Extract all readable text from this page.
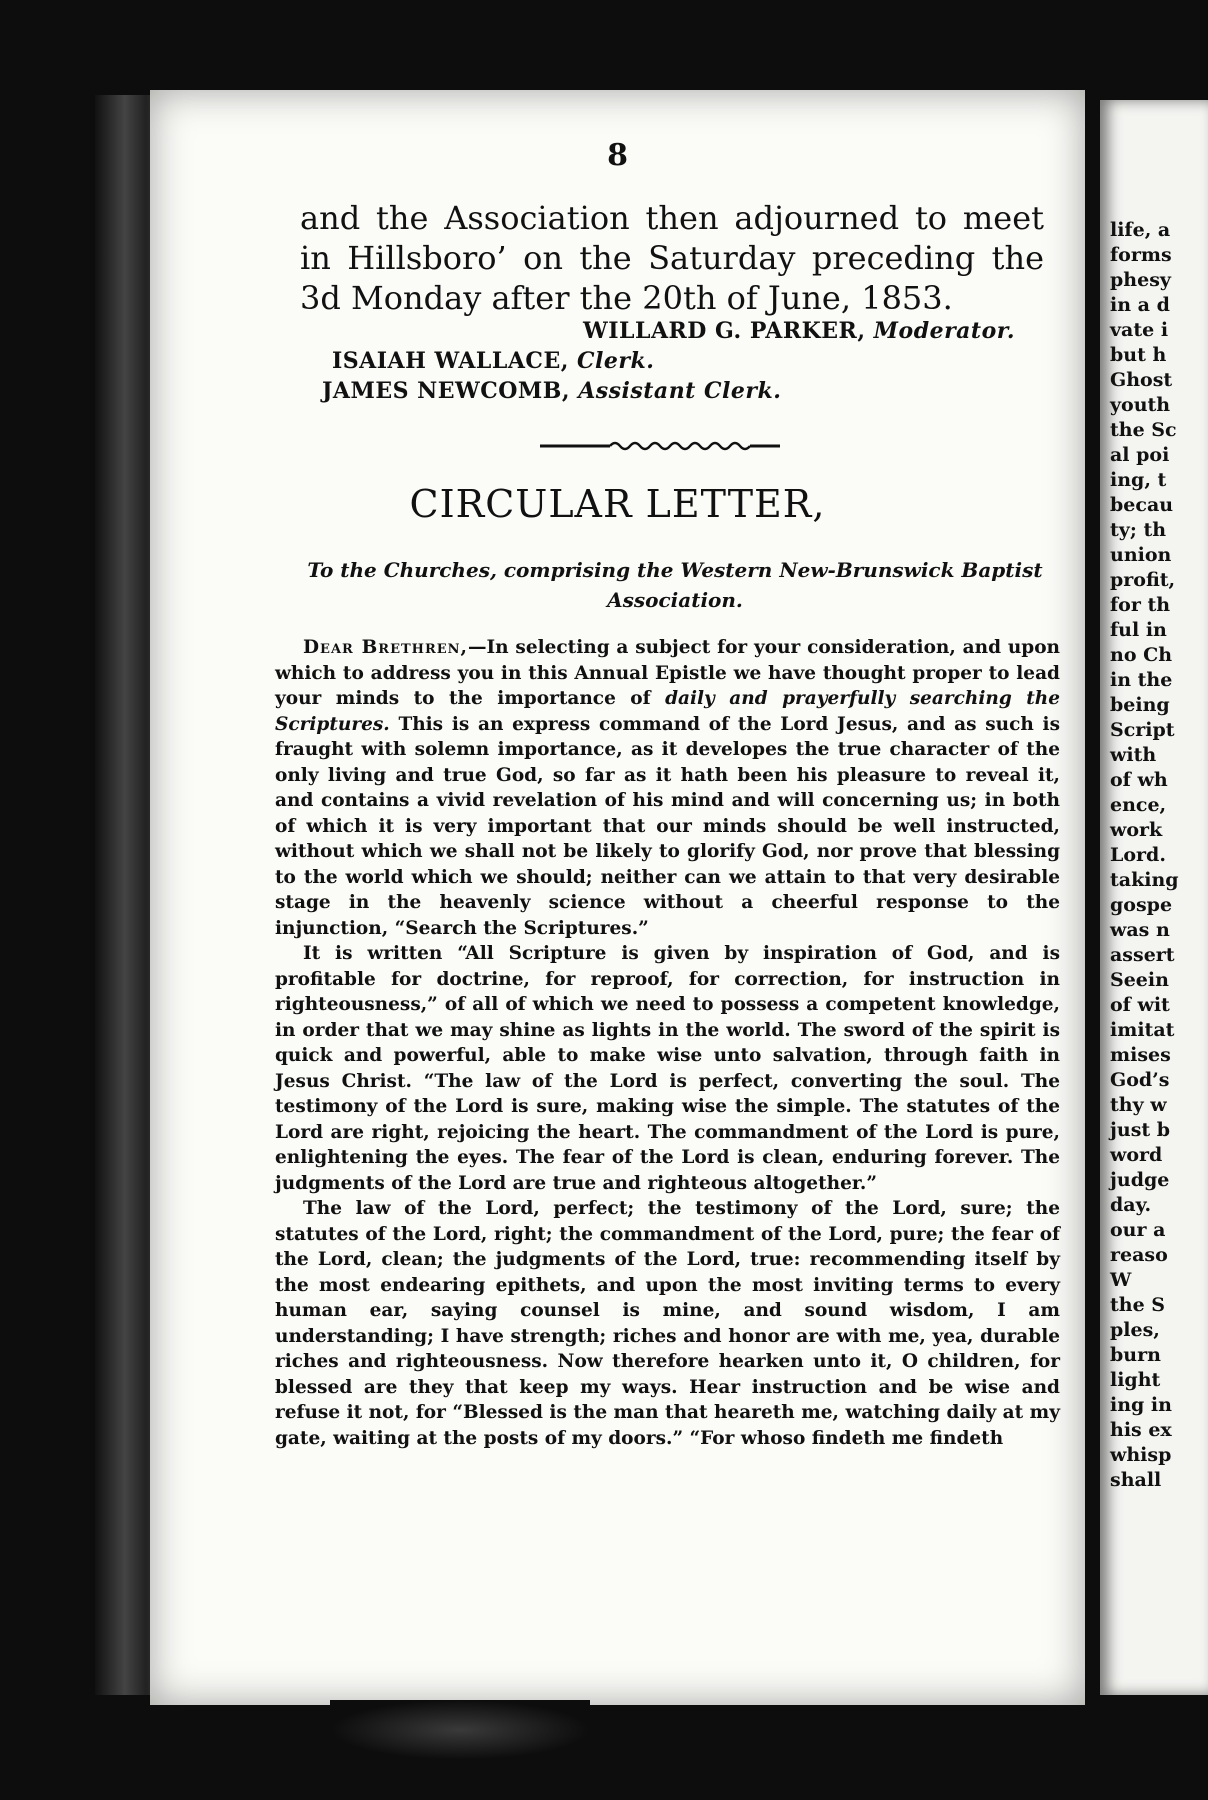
8
and the Association then adjourned to meet in Hillsboro’ on the Saturday preceding the 3d Monday after the 20th of June, 1853.
WILLARD G. PARKER, Moderator.
ISAIAH WALLACE, Clerk.
JAMES NEWCOMB, Assistant Clerk.
CIRCULAR LETTER,
To the Churches, comprising the Western New-Brunswick Baptist Association.

Dear Brethren,—In selecting a subject for your consideration, and upon which to address you in this Annual Epistle we have thought proper to lead your minds to the importance of daily and prayerfully searching the Scriptures. This is an express command of the Lord Jesus, and as such is fraught with solemn importance, as it developes the true character of the only living and true God, so far as it hath been his pleasure to reveal it, and contains a vivid revelation of his mind and will concerning us; in both of which it is very important that our minds should be well instructed, without which we shall not be likely to glorify God, nor prove that blessing to the world which we should; neither can we attain to that very desirable stage in the heavenly science without a cheerful response to the injunction, “Search the Scriptures.”

It is written “All Scripture is given by inspiration of God, and is profitable for doctrine, for reproof, for correction, for instruction in righteousness,” of all of which we need to possess a competent knowledge, in order that we may shine as lights in the world. The sword of the spirit is quick and powerful, able to make wise unto salvation, through faith in Jesus Christ. “The law of the Lord is perfect, converting the soul. The testimony of the Lord is sure, making wise the simple. The statutes of the Lord are right, rejoicing the heart. The commandment of the Lord is pure, enlightening the eyes. The fear of the Lord is clean, enduring forever. The judgments of the Lord are true and righteous altogether.”

The law of the Lord, perfect; the testimony of the Lord, sure; the statutes of the Lord, right; the commandment of the Lord, pure; the fear of the Lord, clean; the judgments of the Lord, true: recommending itself by the most endearing epithets, and upon the most inviting terms to every human ear, saying counsel is mine, and sound wisdom, I am understanding; I have strength; riches and honor are with me, yea, durable riches and righteousness. Now therefore hearken unto it, O children, for blessed are they that keep my ways. Hear instruction and be wise and refuse it not, for “Blessed is the man that heareth me, watching daily at my gate, waiting at the posts of my doors.” “For whoso findeth me findeth

life, a
forms
phesy
in a d
vate i
but h
Ghost
youth
the Sc
al poi
ing, t
becau
ty; th
union
profit,
for th
ful in
no Ch
in the
being
Script
with
of wh
ence,
work
Lord.
taking
gospe
was n
assert
Seein
of wit
imitat
mises
God’s
thy w
just b
word
judge
day.
our a
reaso
W
the S
ples,
burn
light
ing in
his ex
whisp
shall
